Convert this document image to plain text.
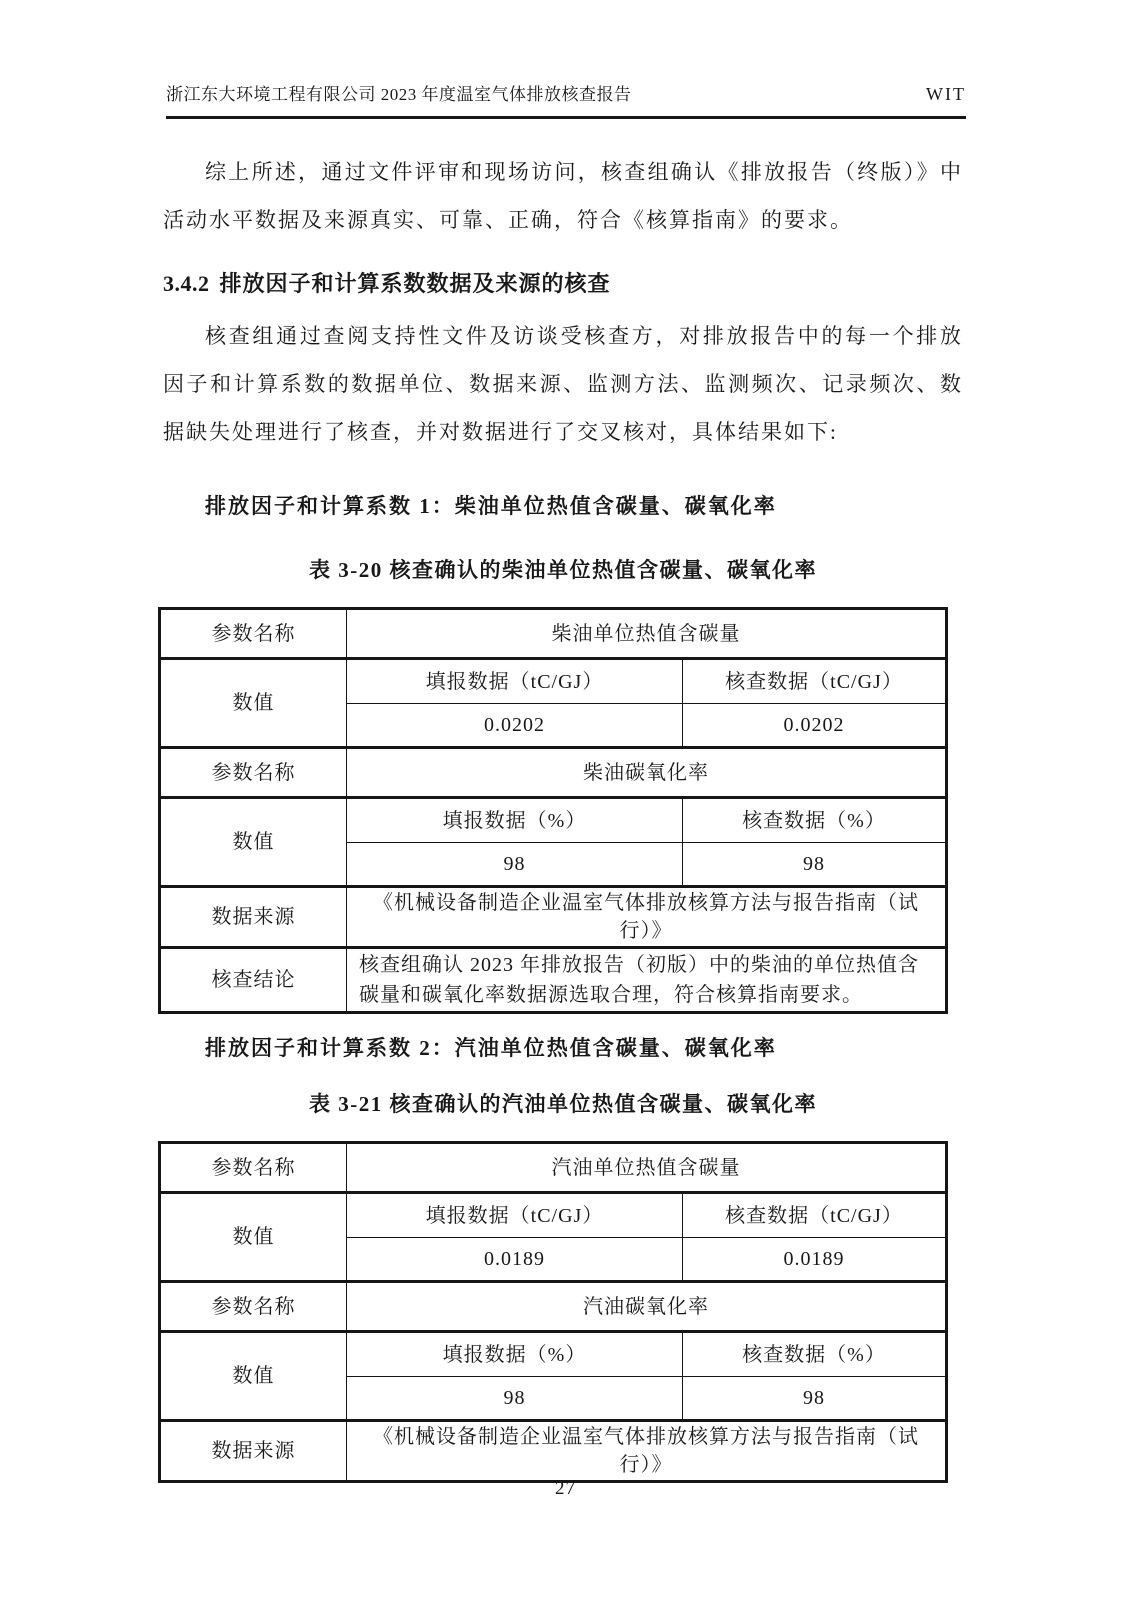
浙江东大环境工程有限公司 2023 年度温室气体排放核查报告	WIT

综上所述，通过文件评审和现场访问，核查组确认《排放报告（终版）》中活动水平数据及来源真实、可靠、正确，符合《核算指南》的要求。

3.4.2 排放因子和计算系数数据及来源的核查

核查组通过查阅支持性文件及访谈受核查方，对排放报告中的每一个排放因子和计算系数的数据单位、数据来源、监测方法、监测频次、记录频次、数据缺失处理进行了核查，并对数据进行了交叉核对，具体结果如下:

排放因子和计算系数 1：柴油单位热值含碳量、碳氧化率
表 3-20 核查确认的柴油单位热值含碳量、碳氧化率
参数名称	柴油单位热值含碳量	
数值	填报数据（tC/GJ）	核查数据（tC/GJ）
	0.0202	0.0202
参数名称	柴油碳氧化率	
数值	填报数据（%）	核查数据（%）
	98	98
数据来源	《机械设备制造企业温室气体排放核算方法与报告指南（试行）》	
核查结论	核查组确认 2023 年排放报告（初版）中的柴油的单位热值含碳量和碳氧化率数据源选取合理，符合核算指南要求。	
排放因子和计算系数 2：汽油单位热值含碳量、碳氧化率
表 3-21 核查确认的汽油单位热值含碳量、碳氧化率
参数名称	汽油单位热值含碳量	
数值	填报数据（tC/GJ）	核查数据（tC/GJ）
	0.0189	0.0189
参数名称	汽油碳氧化率	
数值	填报数据（%）	核查数据（%）
	98	98
数据来源	《机械设备制造企业温室气体排放核算方法与报告指南（试行）》	
27
